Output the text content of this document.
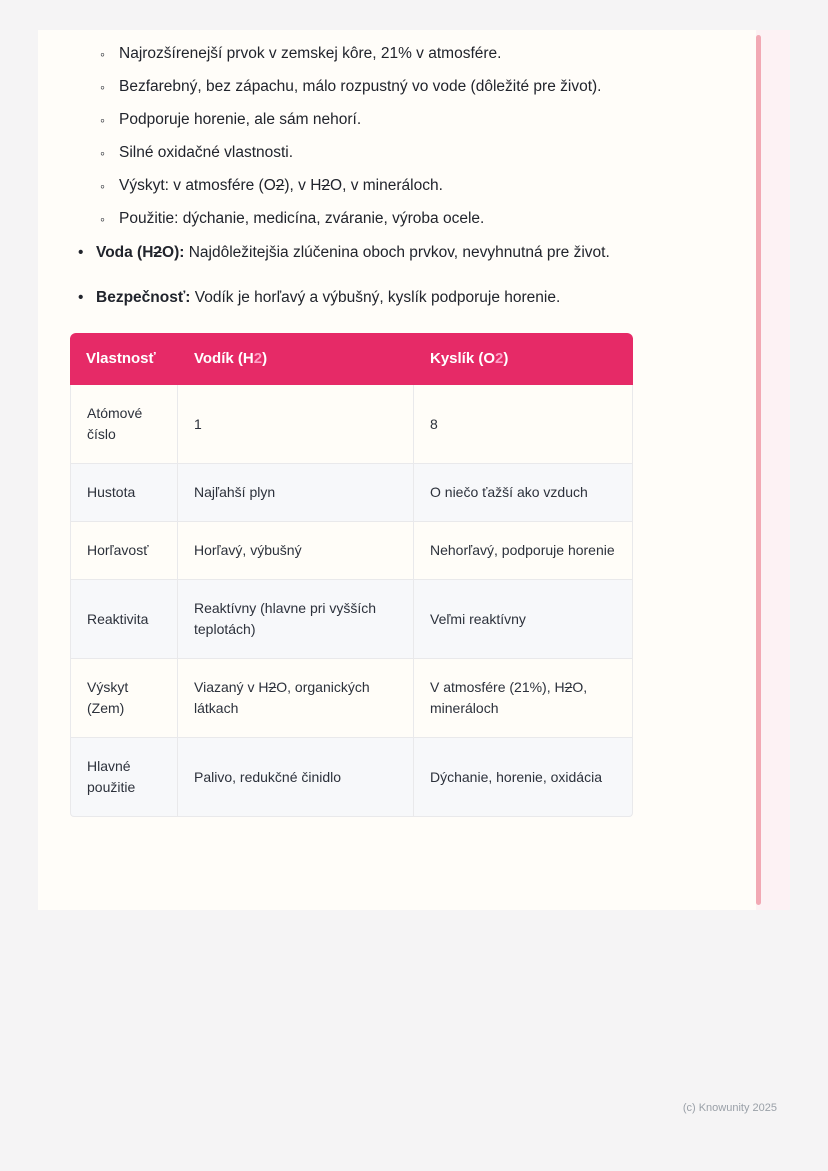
◦ Najrozšírenejší prvok v zemskej kôre, 21% v atmosfére.
◦ Bezfarebný, bez zápachu, málo rozpustný vo vode (dôležité pre život).
◦ Podporuje horenie, ale sám nehorí.
◦ Silné oxidačné vlastnosti.
◦ Výskyt: v atmosfére (O2), v H2O, v mineráloch.
◦ Použitie: dýchanie, medicína, zváranie, výroba ocele.
• Voda (H2O): Najdôležitejšia zlúčenina oboch prvkov, nevyhnutná pre život.
• Bezpečnosť: Vodík je horľavý a výbušný, kyslík podporuje horenie.
Vlastnosť	Vodík (H2)	Kyslík (O2)
Atómové číslo	1	8
Hustota	Najľahší plyn	O niečo ťažší ako vzduch
Horľavosť	Horľavý, výbušný	Nehorľavý, podporuje horenie
Reaktivita	Reaktívny (hlavne pri vyšších teplotách)	Veľmi reaktívny
Výskyt (Zem)	Viazaný v H2O, organických látkach	V atmosfére (21%), H2O, mineráloch
Hlavné použitie	Palivo, redukčné činidlo	Dýchanie, horenie, oxidácia
(c) Knowunity 2025
